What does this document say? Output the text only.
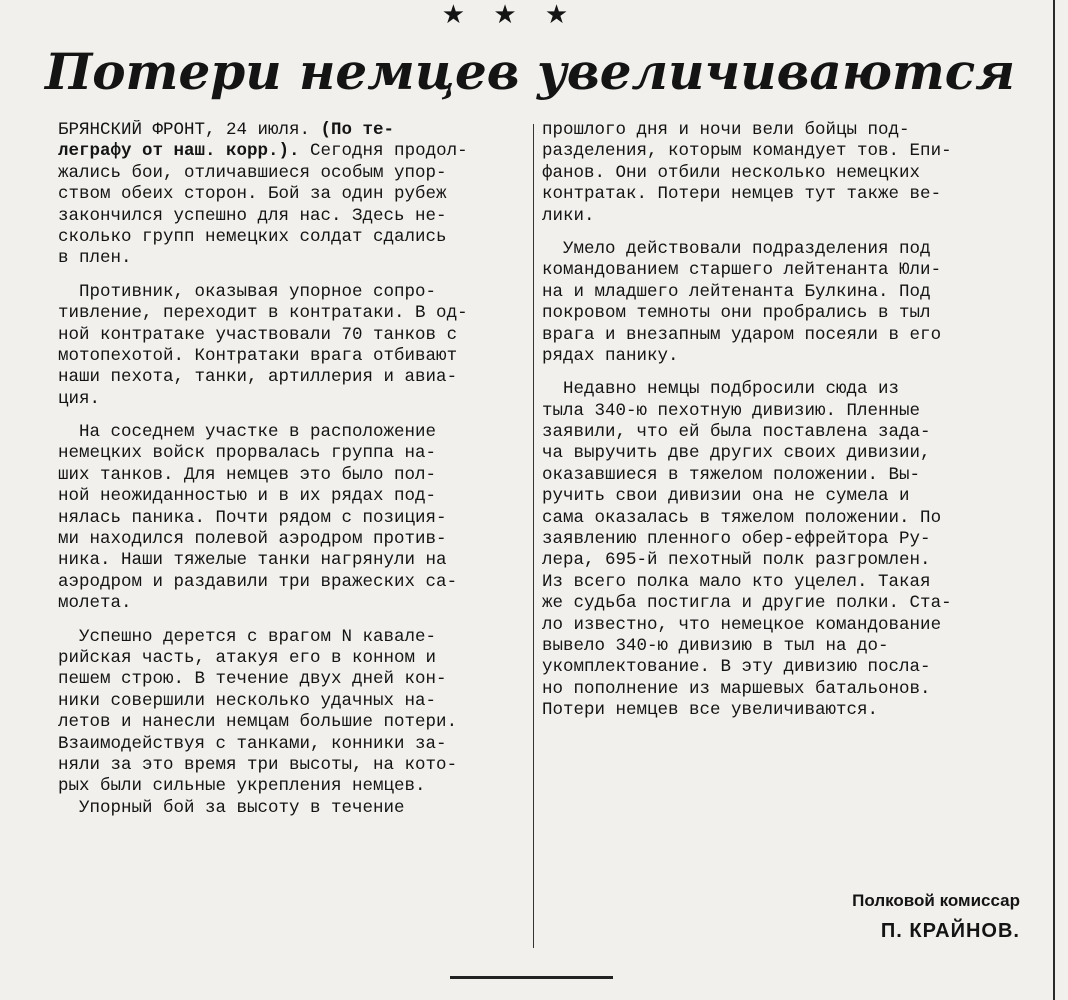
★ ★ ★
Потери немцев увеличиваются
БРЯНСКИЙ ФРОНТ, 24 июля. (По те-
леграфу от наш. корр.). Сегодня продол-
жались бои, отличавшиеся особым упор-
ством обеих сторон. Бой за один рубеж
закончился успешно для нас. Здесь не-
сколько групп немецких солдат сдались
в плен.
Противник, оказывая упорное сопро-
тивление, переходит в контратаки. В од-
ной контратаке участвовали 70 танков с
мотопехотой. Контратаки врага отбивают
наши пехота, танки, артиллерия и авиа-
ция.
На соседнем участке в расположение
немецких войск прорвалась группа на-
ших танков. Для немцев это было пол-
ной неожиданностью и в их рядах под-
нялась паника. Почти рядом с позиция-
ми находился полевой аэродром против-
ника. Наши тяжелые танки нагрянули на
аэродром и раздавили три вражеских са-
молета.
Успешно дерется с врагом N кавале-
рийская часть, атакуя его в конном и
пешем строю. В течение двух дней кон-
ники совершили несколько удачных на-
летов и нанесли немцам большие потери.
Взаимодействуя с танками, конники за-
няли за это время три высоты, на кото-
рых были сильные укрепления немцев.
Упорный бой за высоту в течение
прошлого дня и ночи вели бойцы под-
разделения, которым командует тов. Епи-
фанов. Они отбили несколько немецких
контратак. Потери немцев тут также ве-
лики.
Умело действовали подразделения под
командованием старшего лейтенанта Юли-
на и младшего лейтенанта Булкина. Под
покровом темноты они пробрались в тыл
врага и внезапным ударом посеяли в его
рядах панику.
Недавно немцы подбросили сюда из
тыла 340-ю пехотную дивизию. Пленные
заявили, что ей была поставлена зада-
ча выручить две других своих дивизии,
оказавшиеся в тяжелом положении. Вы-
ручить свои дивизии она не сумела и
сама оказалась в тяжелом положении. По
заявлению пленного обер-ефрейтора Ру-
лера, 695-й пехотный полк разгромлен.
Из всего полка мало кто уцелел. Такая
же судьба постигла и другие полки. Ста-
ло известно, что немецкое командование
вывело 340-ю дивизию в тыл на до-
укомплектование. В эту дивизию посла-
но пополнение из маршевых батальонов.
Потери немцев все увеличиваются.
Полковой комиссар
П. КРАЙНОВ.
